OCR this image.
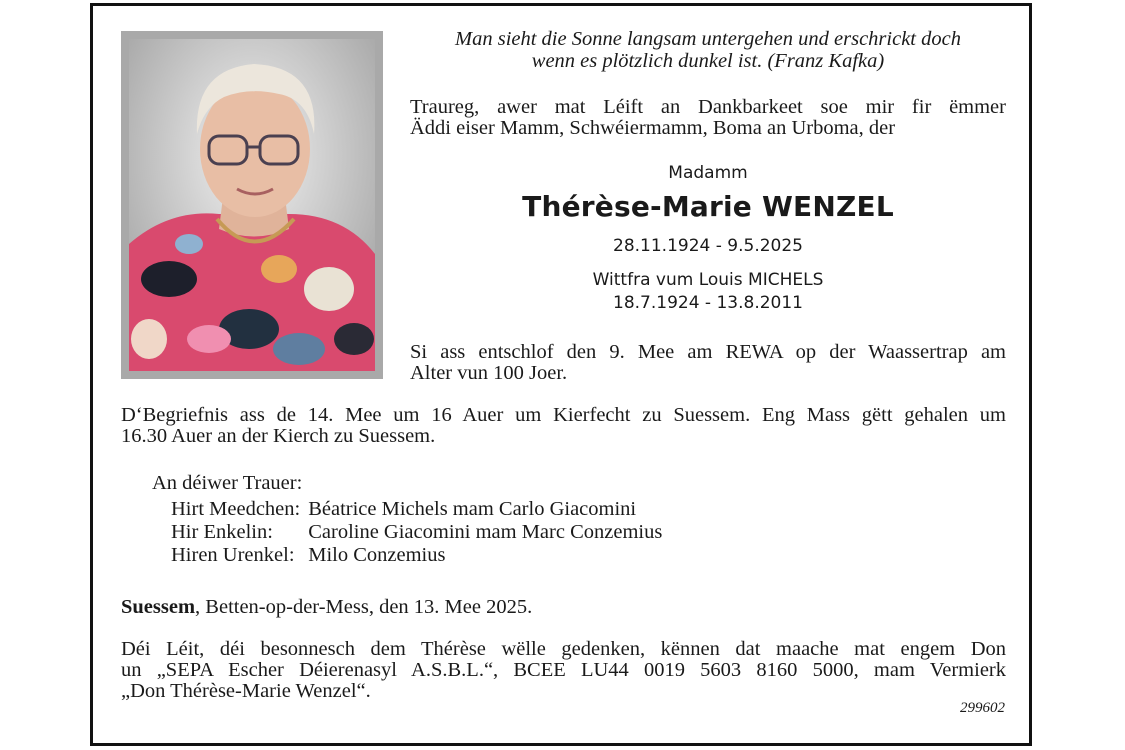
Man sieht die Sonne langsam untergehen und erschrickt doch
wenn es plötzlich dunkel ist. (Franz Kafka)
Traureg, awer mat Léift an Dankbarkeet soe mir fir ëmmer
Äddi eiser Mamm, Schwéiermamm, Boma an Urboma, der
Madamm
Thérèse-Marie WENZEL
28.11.1924 - 9.5.2025
Wittfra vum Louis MICHELS
18.7.1924 - 13.8.2011
Si ass entschlof den 9. Mee am REWA op der Waassertrap am
Alter vun 100 Joer.
D‘Begriefnis ass de 14. Mee um 16 Auer um Kierfecht zu Suessem. Eng Mass gëtt gehalen um
16.30 Auer an der Kierch zu Suessem.
An déiwer Trauer:
Hirt Meedchen:	Béatrice Michels mam Carlo Giacomini
Hir Enkelin:	Caroline Giacomini mam Marc Conzemius
Hiren Urenkel:	Milo Conzemius
Suessem, Betten-op-der-Mess, den 13. Mee 2025.
Déi Léit, déi besonnesch dem Thérèse wëlle gedenken, kënnen dat maache mat engem Don
un „SEPA Escher Déierenasyl A.S.B.L.“, BCEE LU44 0019 5603 8160 5000, mam Vermierk
„Don Thérèse-Marie Wenzel“.
299602
